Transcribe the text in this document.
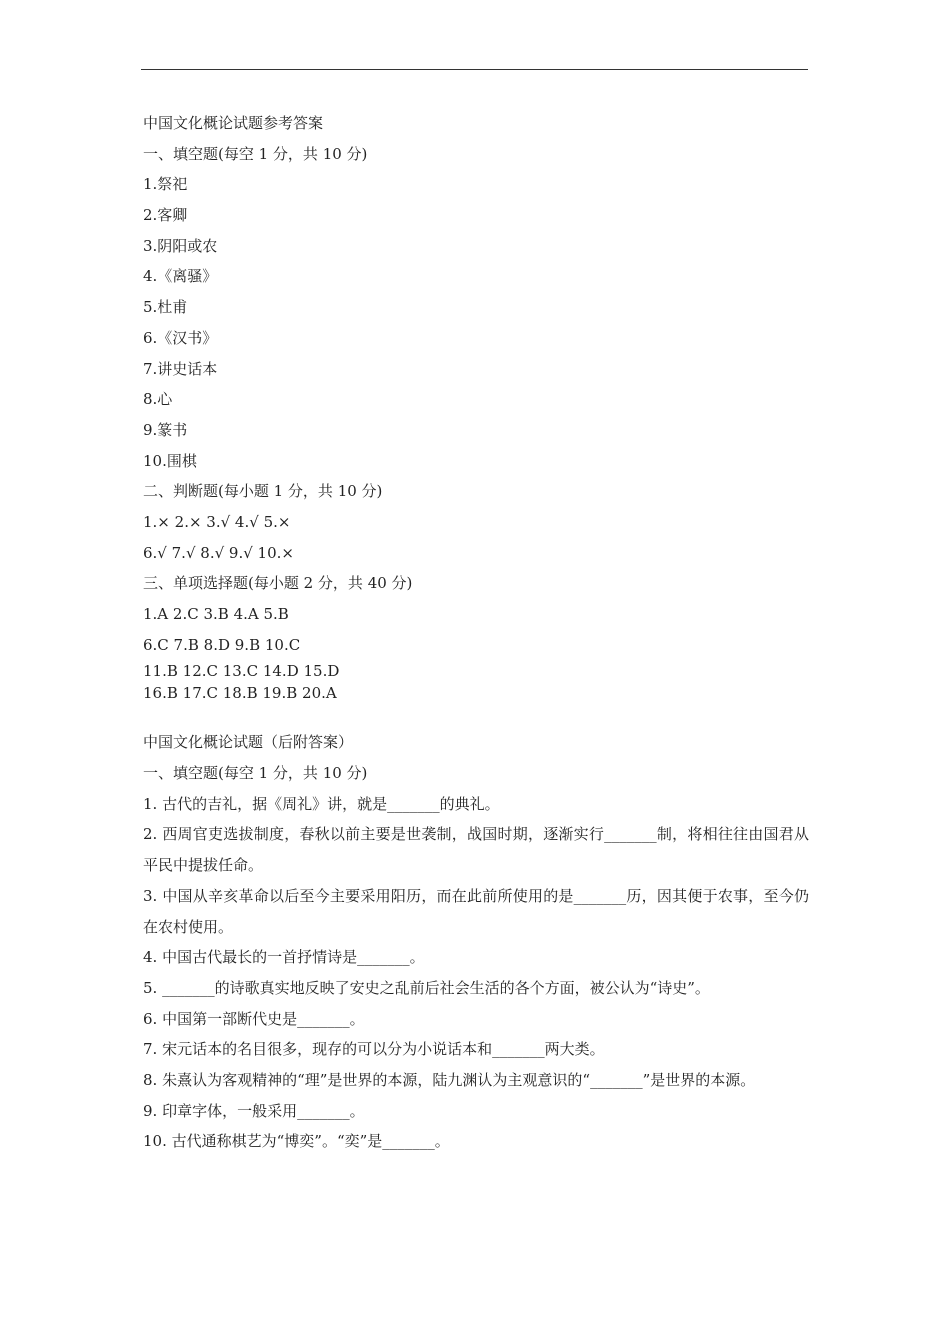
中国文化概论试题参考答案
一、填空题(每空 1 分，共 10 分)
1.祭祀
2.客卿
3.阴阳或农
4.《离骚》
5.杜甫
6.《汉书》
7.讲史话本
8.心
9.篆书
10.围棋
二、判断题(每小题 1 分，共 10 分)
1.× 2.× 3.√ 4.√ 5.×
6.√ 7.√ 8.√ 9.√ 10.×
三、单项选择题(每小题 2 分，共 40 分)
1.A 2.C 3.B 4.A 5.B
6.C 7.B 8.D 9.B 10.C
11.B 12.C 13.C 14.D 15.D
16.B 17.C 18.B 19.B 20.A
中国文化概论试题（后附答案）
一、填空题(每空 1 分，共 10 分)
1. 古代的吉礼，据《周礼》讲，就是_______的典礼。
2. 西周官吏选拔制度，春秋以前主要是世袭制，战国时期，逐渐实行_______制，将相往往由国君从平民中提拔任命。
3. 中国从辛亥革命以后至今主要采用阳历，而在此前所使用的是_______历，因其便于农事，至今仍在农村使用。
4. 中国古代最长的一首抒情诗是_______。
5. _______的诗歌真实地反映了安史之乱前后社会生活的各个方面，被公认为“诗史”。
6. 中国第一部断代史是_______。
7. 宋元话本的名目很多，现存的可以分为小说话本和_______两大类。
8. 朱熹认为客观精神的“理”是世界的本源，陆九渊认为主观意识的“_______”是世界的本源。
9. 印章字体，一般采用_______。
10. 古代通称棋艺为“博奕”。“奕”是_______。
